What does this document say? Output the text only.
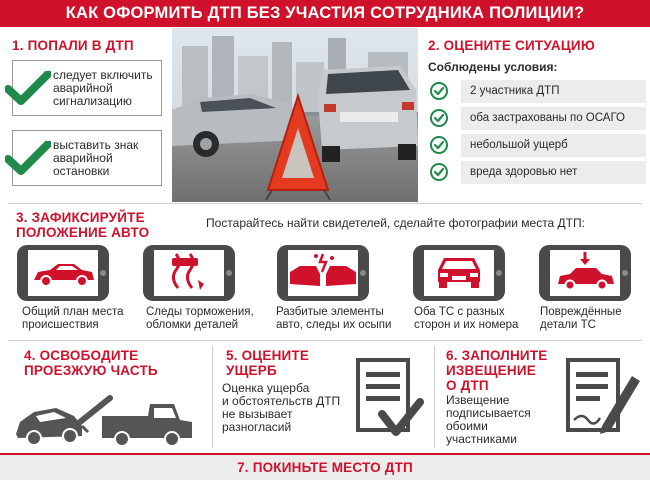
КАК ОФОРМИТЬ ДТП БЕЗ УЧАСТИЯ СОТРУДНИКА ПОЛИЦИИ?
1. ПОПАЛИ В ДТП
следует включить
аварийной
сигнализацию
выставить знак
аварийной
остановки
2. ОЦЕНИТЕ СИТУАЦИЮ
Соблюдены условия:
2 участника ДТП
оба застрахованы по ОСАГО
небольшой ущерб
вреда здоровью нет
3. ЗАФИКСИРУЙТЕ
ПОЛОЖЕНИЕ АВТО
Постарайтесь найти свидетелей, сделайте фотографии места ДТП:
Общий план места
происшествия
Следы торможения,
обломки деталей
Разбитые элементы
авто, следы их осыпи
Оба ТС с разных
сторон и их номера
Повреждённые
детали ТС
4. ОСВОБОДИТЕ
ПРОЕЗЖУЮ ЧАСТЬ
5. ОЦЕНИТЕ
УЩЕРБ
Оценка ущерба
и обстоятельств ДТП
не вызывает
разногласий
6. ЗАПОЛНИТЕ
ИЗВЕЩЕНИЕ
О ДТП
Извещение
подписывается
обоими
участниками
7. ПОКИНЬТЕ МЕСТО ДТП
